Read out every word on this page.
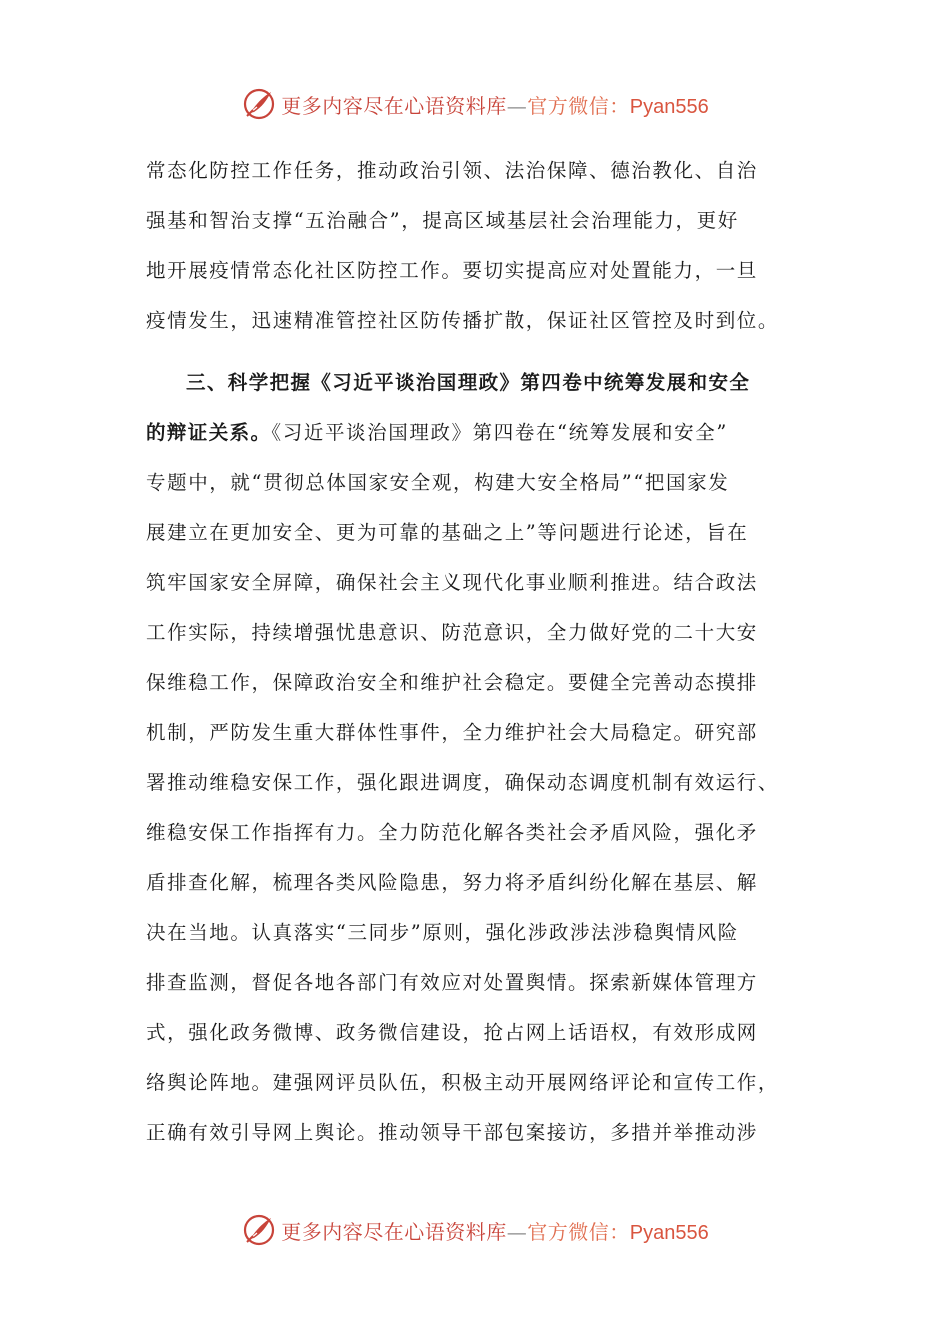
更多内容尽在心语资料库—官方微信：Pyan556
常态化防控工作任务，推动政治引领、法治保障、德治教化、自治
强基和智治支撑“五治融合”，提高区域基层社会治理能力，更好
地开展疫情常态化社区防控工作。要切实提高应对处置能力，一旦
疫情发生，迅速精准管控社区防传播扩散，保证社区管控及时到位。
三、科学把握《习近平谈治国理政》第四卷中统筹发展和安全
的辩证关系。《习近平谈治国理政》第四卷在“统筹发展和安全”
专题中，就“贯彻总体国家安全观，构建大安全格局”“把国家发
展建立在更加安全、更为可靠的基础之上”等问题进行论述，旨在
筑牢国家安全屏障，确保社会主义现代化事业顺利推进。结合政法
工作实际，持续增强忧患意识、防范意识，全力做好党的二十大安
保维稳工作，保障政治安全和维护社会稳定。要健全完善动态摸排
机制，严防发生重大群体性事件，全力维护社会大局稳定。研究部
署推动维稳安保工作，强化跟进调度，确保动态调度机制有效运行、
维稳安保工作指挥有力。全力防范化解各类社会矛盾风险，强化矛
盾排查化解，梳理各类风险隐患，努力将矛盾纠纷化解在基层、解
决在当地。认真落实“三同步”原则，强化涉政涉法涉稳舆情风险
排查监测，督促各地各部门有效应对处置舆情。探索新媒体管理方
式，强化政务微博、政务微信建设，抢占网上话语权，有效形成网
络舆论阵地。建强网评员队伍，积极主动开展网络评论和宣传工作，
正确有效引导网上舆论。推动领导干部包案接访，多措并举推动涉
更多内容尽在心语资料库—官方微信：Pyan556
